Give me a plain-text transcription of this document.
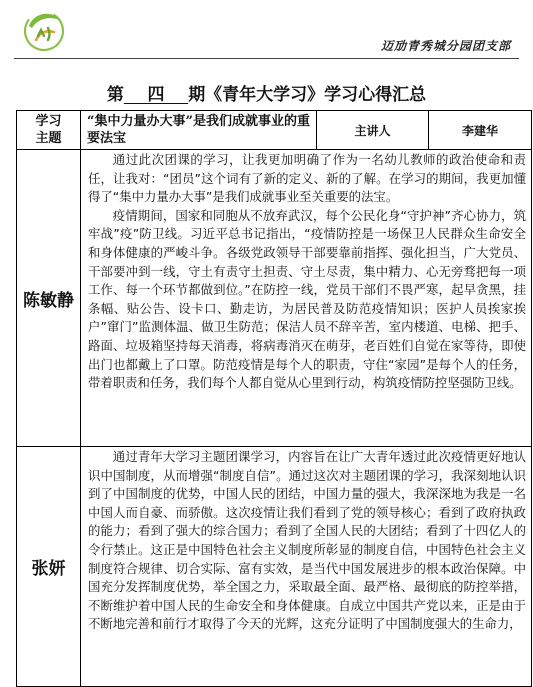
迈劢青秀城分园团支部
第 四 期《青年大学习》学习心得汇总
学习主题	“集中力量办大事”是我们成就事业的重要法宝	主讲人	李建华
陈敏静	通过此次团课的学习，让我更加明确了作为一名幼儿教师的政治使命和责任，让我对：“团员”这个词有了新的定义、新的了解。在学习的期间，我更加懂得了“集中力量办大事”是我们成就事业至关重要的法宝。

疫情期间，国家和同胞从不放弃武汉，每个公民化身“守护神”齐心协力，筑牢战”疫”防卫线。习近平总书记指出，“疫情防控是一场保卫人民群众生命安全和身体健康的严峻斗争。各级党政领导干部要靠前指挥、强化担当，广大党员、干部要冲到一线，守土有责守土担责、守土尽责，集中精力、心无旁骛把每一项工作、每一个环节都做到位。”在防控一线，党员干部们不畏严寒，起早贪黑，挂条幅、贴公告、设卡口、勤走访，为居民普及防范疫情知识；医护人员挨家挨户”窜门”监测体温、做卫生防范；保洁人员不辞辛苦，室内楼道、电梯、把手、路面、垃圾箱坚持每天消毒，将病毒消灭在萌芽，老百姓们自觉在家等待，即使出门也都戴上了口罩。防范疫情是每个人的职责，守住“家园”是每个人的任务，带着职责和任务，我们每个人都自觉从心里到行动，构筑疫情防控坚强防卫线。		

张妍	通过青年大学习主题团课学习，内容旨在让广大青年透过此次疫情更好地认识中国制度，从而增强“制度自信”。通过这次对主题团课的学习，我深刻地认识到了中国制度的优势，中国人民的团结，中国力量的强大，我深深地为我是一名中国人而自豪、而骄傲。这次疫情让我们看到了党的领导核心；看到了政府执政的能力；看到了强大的综合国力；看到了全国人民的大团结；看到了十四亿人的令行禁止。这正是中国特色社会主义制度所彰显的制度自信，中国特色社会主义制度符合规律、切合实际、富有实效，是当代中国发展进步的根本政治保障。中国充分发挥制度优势，举全国之力，采取最全面、最严格、最彻底的防控举措，不断维护着中国人民的生命安全和身体健康。自成立中国共产党以来，正是由于不断地完善和前行才取得了今天的光辉，这充分证明了中国制度强大的生命力，		
